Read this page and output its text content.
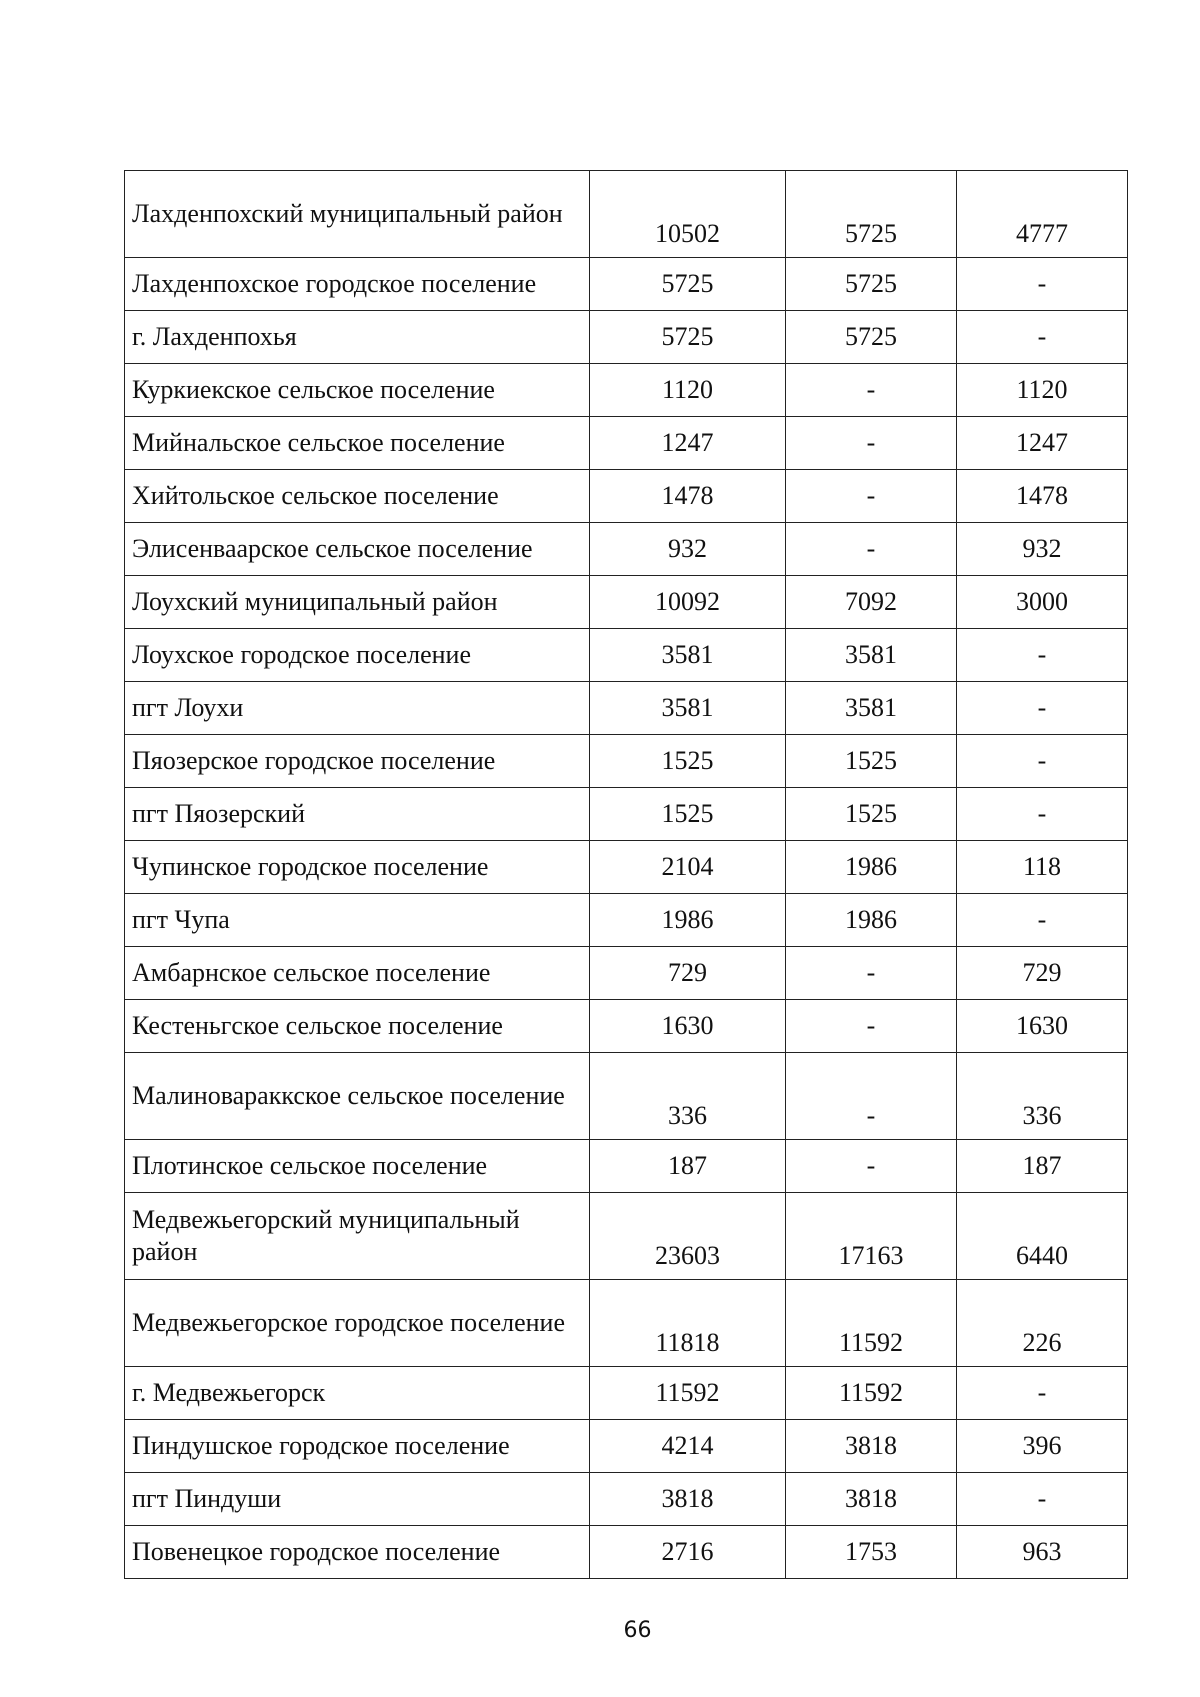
Лахденпохский муниципальный район	10502	5725	4777
Лахденпохское городское поселение	5725	5725	-
г. Лахденпохья	5725	5725	-
Куркиекское сельское поселение	1120	-	1120
Мийнальское сельское поселение	1247	-	1247
Хийтольское сельское поселение	1478	-	1478
Элисенваарское сельское поселение	932	-	932
Лоухский муниципальный район	10092	7092	3000
Лоухское городское поселение	3581	3581	-
пгт Лоухи	3581	3581	-
Пяозерское городское поселение	1525	1525	-
пгт Пяозерский	1525	1525	-
Чупинское городское поселение	2104	1986	118
пгт Чупа	1986	1986	-
Амбарнское сельское поселение	729	-	729
Кестеньгское сельское поселение	1630	-	1630
Малиновараккское сельское поселение	336	-	336
Плотинское сельское поселение	187	-	187
Медвежьегорский муниципальный район	23603	17163	6440
Медвежьегорское городское поселение	11818	11592	226
г. Медвежьегорск	11592	11592	-
Пиндушское городское поселение	4214	3818	396
пгт Пиндуши	3818	3818	-
Повенецкое городское поселение	2716	1753	963
66
